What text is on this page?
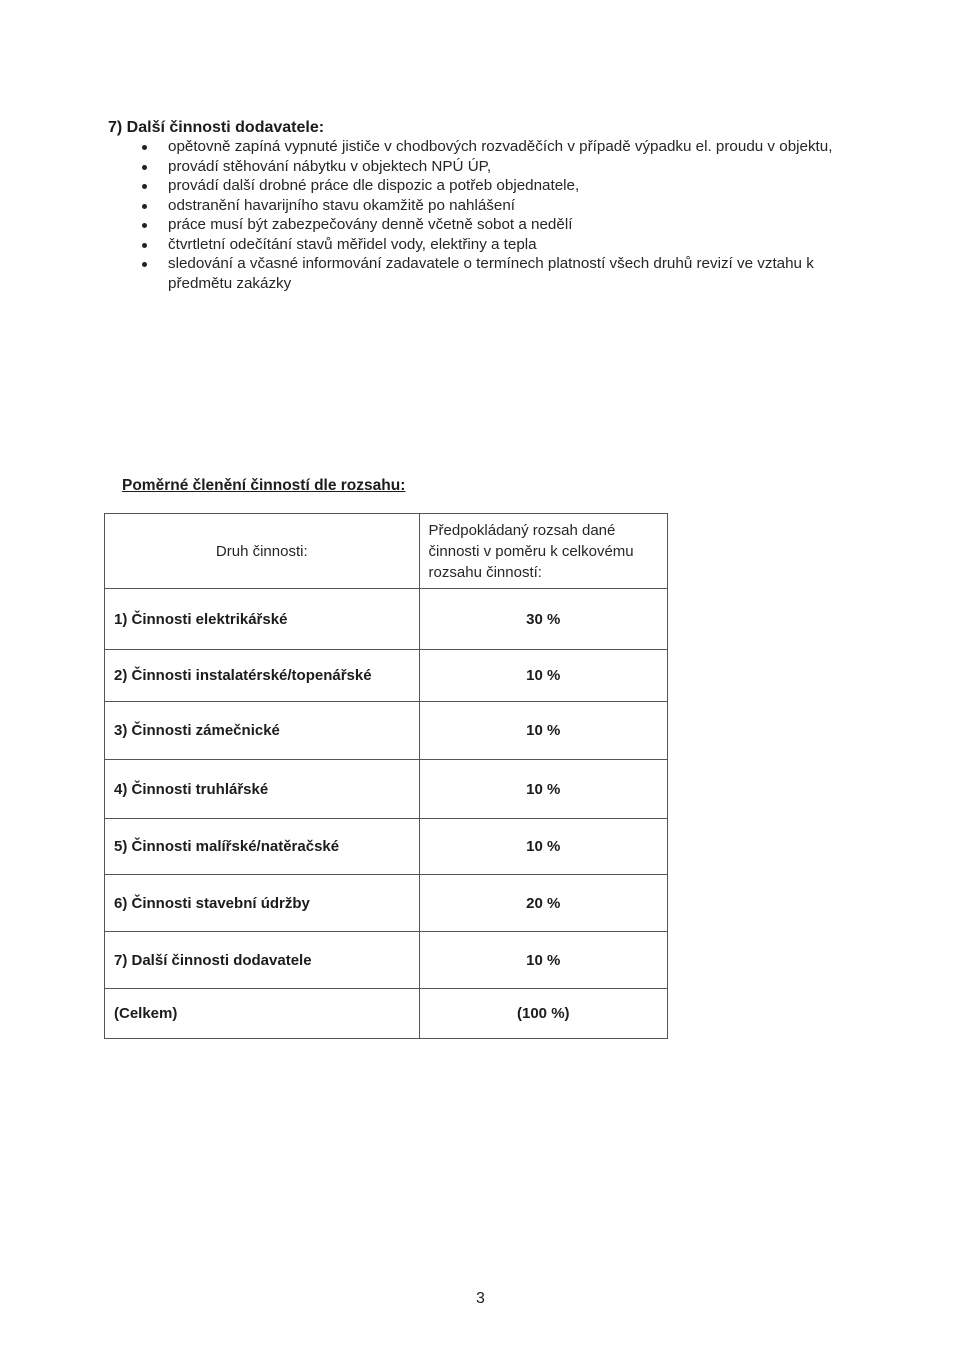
7) Další činnosti dodavatele:

opětovně zapíná vypnuté jističe v chodbových rozvaděčích v případě výpadku el. proudu v objektu,
provádí stěhování nábytku v objektech NPÚ ÚP,
provádí další drobné práce dle dispozic a potřeb objednatele,
odstranění havarijního stavu okamžitě po nahlášení
práce musí být zabezpečovány denně včetně sobot a nedělí
čtvrtletní odečítání stavů měřidel vody, elektřiny a tepla
sledování a včasné informování zadavatele o termínech platností všech druhů revizí ve vztahu k předmětu zakázky

Poměrné členění činností dle rozsahu:

Druh činnosti:	Předpokládaný rozsah dané
činnosti v poměru k celkovému
rozsahu činností:

1) Činnosti elektrikářské	30 %
2) Činnosti instalatérské/topenářské	10 %
3) Činnosti zámečnické	10 %
4) Činnosti truhlářské	10 %
5) Činnosti malířské/natěračské	10 %
6) Činnosti stavební údržby	20 %
7) Další činnosti dodavatele	10 %
(Celkem)	(100 %)

3
